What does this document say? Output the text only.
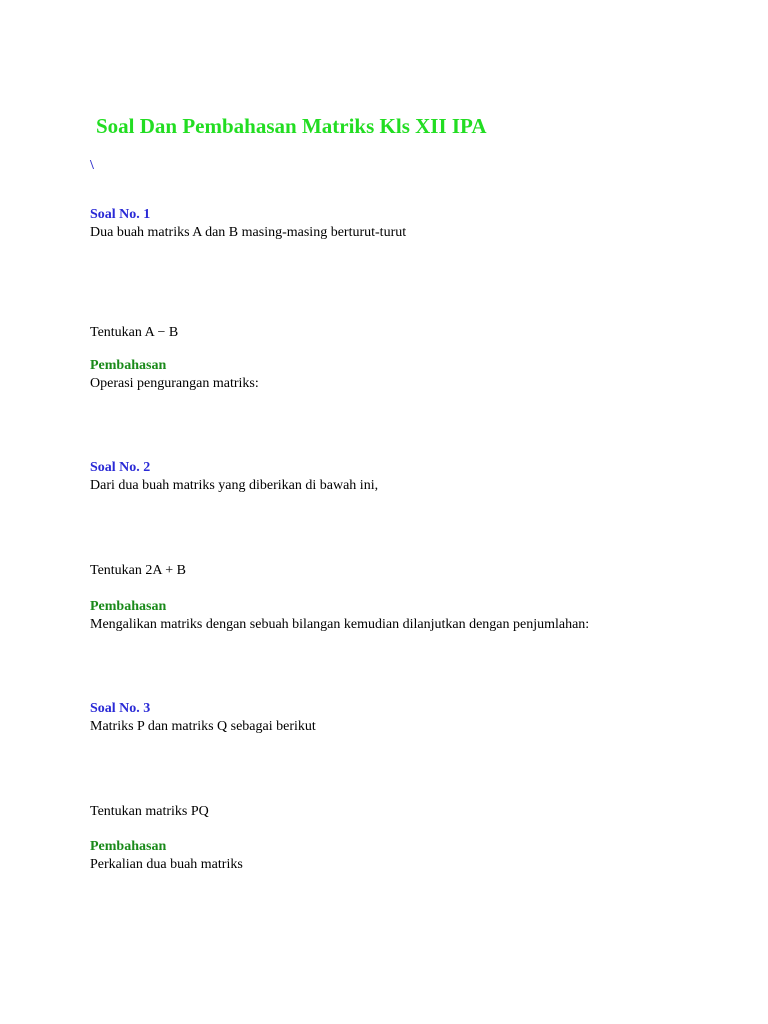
Soal Dan Pembahasan Matriks Kls XII IPA
\
Soal No. 1
Dua buah matriks A dan B masing-masing berturut-turut
Tentukan A − B
Pembahasan
Operasi pengurangan matriks:
Soal No. 2
Dari dua buah matriks yang diberikan di bawah ini,
Tentukan 2A + B
Pembahasan
Mengalikan matriks dengan sebuah bilangan kemudian dilanjutkan dengan penjumlahan:
Soal No. 3
Matriks P dan matriks Q sebagai berikut
Tentukan matriks PQ
Pembahasan
Perkalian dua buah matriks
